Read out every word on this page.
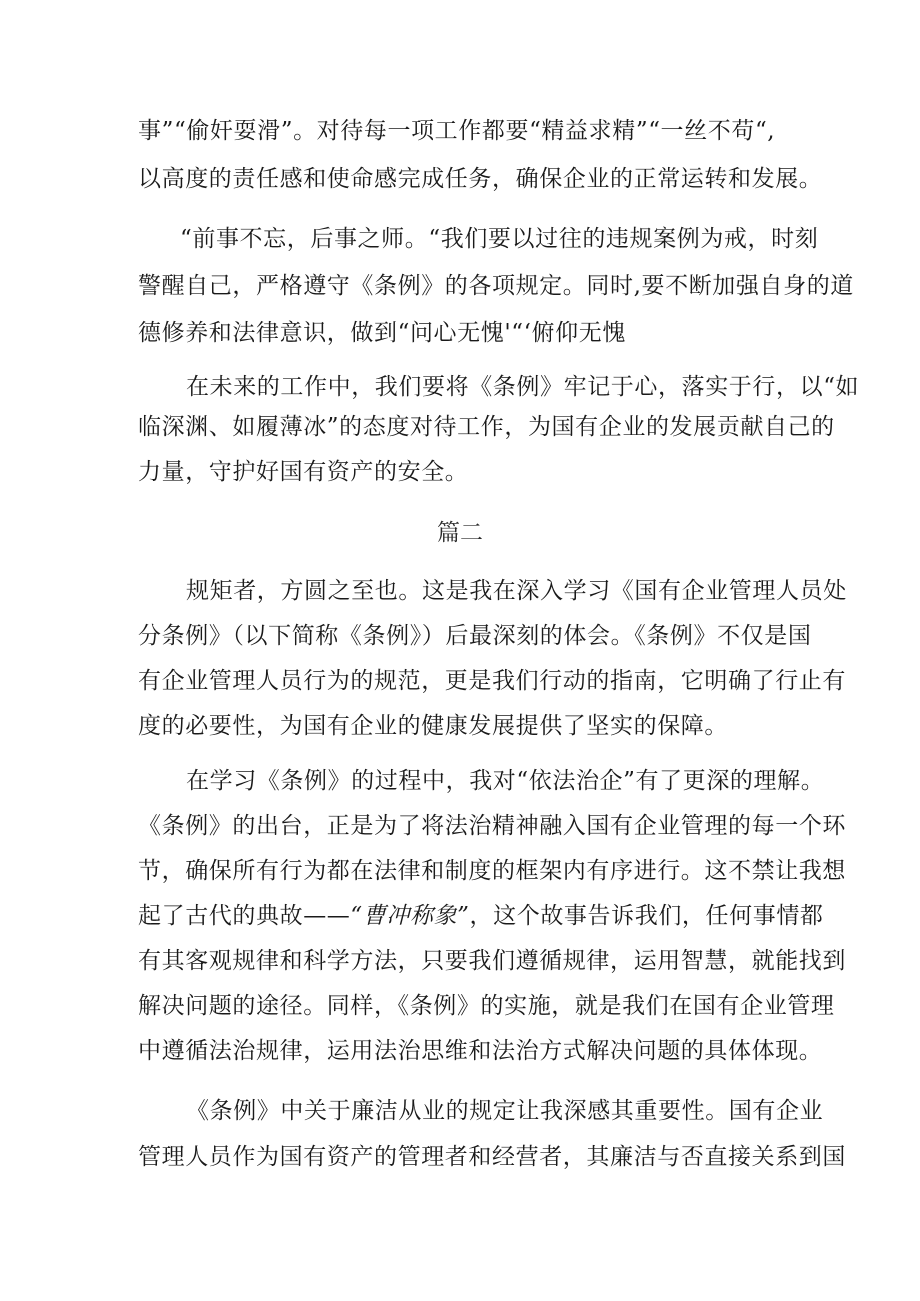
事”“偷奸耍滑”。对待每一项工作都要“精益求精”“一丝不苟“,
以高度的责任感和使命感完成任务，确保企业的正常运转和发展。
“前事不忘，后事之师。“我们要以过往的违规案例为戒，时刻
警醒自己，严格遵守《条例》的各项规定。同时,要不断加强自身的道
德修养和法律意识，做到“问心无愧'“‘俯仰无愧
在未来的工作中，我们要将《条例》牢记于心，落实于行，以“如
临深渊、如履薄冰”的态度对待工作，为国有企业的发展贡献自己的
力量，守护好国有资产的安全。
篇二
规矩者，方圆之至也。这是我在深入学习《国有企业管理人员处
分条例》（以下简称《条例》）后最深刻的体会。《条例》不仅是国
有企业管理人员行为的规范，更是我们行动的指南，它明确了行止有
度的必要性，为国有企业的健康发展提供了坚实的保障。
在学习《条例》的过程中，我对“依法治企”有了更深的理解。
《条例》的出台，正是为了将法治精神融入国有企业管理的每一个环
节，确保所有行为都在法律和制度的框架内有序进行。这不禁让我想
起了古代的典故——“曹冲称象”，这个故事告诉我们，任何事情都
有其客观规律和科学方法，只要我们遵循规律，运用智慧，就能找到
解决问题的途径。同样，《条例》的实施，就是我们在国有企业管理
中遵循法治规律，运用法治思维和法治方式解决问题的具体体现。
《条例》中关于廉洁从业的规定让我深感其重要性。国有企业
管理人员作为国有资产的管理者和经营者，其廉洁与否直接关系到国
